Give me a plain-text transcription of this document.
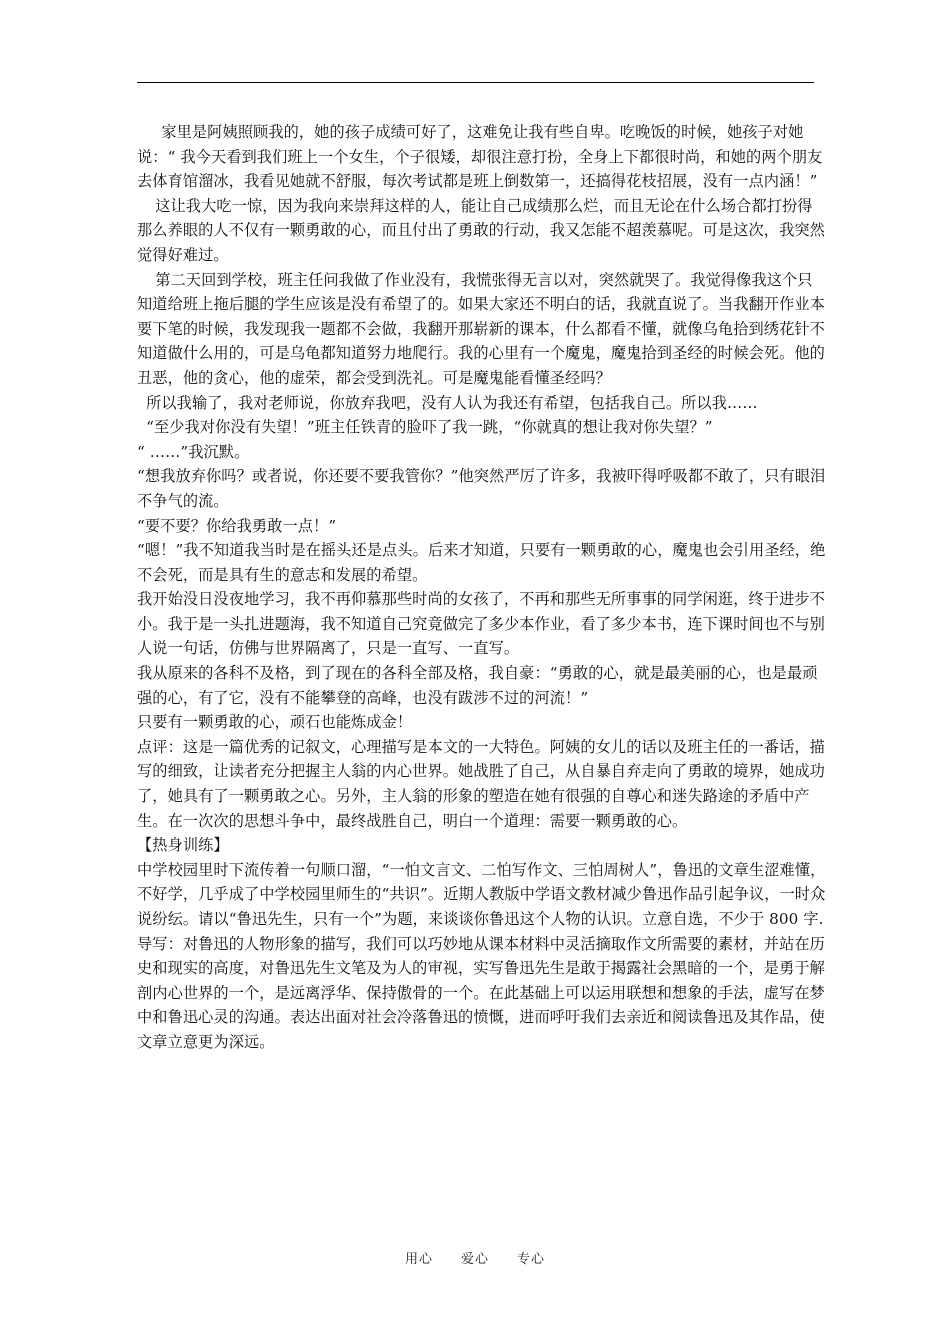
家里是阿姨照顾我的，她的孩子成绩可好了，这难免让我有些自卑。吃晚饭的时候，她孩子对她说：“ 我今天看到我们班上一个女生，个子很矮，却很注意打扮，全身上下都很时尚，和她的两个朋友去体育馆溜冰，我看见她就不舒服，每次考试都是班上倒数第一，还搞得花枝招展，没有一点内涵！”

这让我大吃一惊，因为我向来崇拜这样的人，能让自己成绩那么烂，而且无论在什么场合都打扮得那么养眼的人不仅有一颗勇敢的心，而且付出了勇敢的行动，我又怎能不超羡慕呢。可是这次，我突然觉得好难过。

第二天回到学校，班主任问我做了作业没有，我慌张得无言以对，突然就哭了。我觉得像我这个只知道给班上拖后腿的学生应该是没有希望了的。如果大家还不明白的话，我就直说了。当我翻开作业本要下笔的时候，我发现我一题都不会做，我翻开那崭新的课本，什么都看不懂，就像乌龟拾到绣花针不知道做什么用的，可是乌龟都知道努力地爬行。我的心里有一个魔鬼，魔鬼拾到圣经的时候会死。他的丑恶，他的贪心，他的虚荣，都会受到洗礼。可是魔鬼能看懂圣经吗？

所以我输了，我对老师说，你放弃我吧，没有人认为我还有希望，包括我自己。所以我……

“至少我对你没有失望！”班主任铁青的脸吓了我一跳，“你就真的想让我对你失望？”

“ ……”我沉默。

“想我放弃你吗？或者说，你还要不要我管你？”他突然严厉了许多，我被吓得呼吸都不敢了，只有眼泪不争气的流。

“要不要？你给我勇敢一点！”

“嗯！”我不知道我当时是在摇头还是点头。后来才知道，只要有一颗勇敢的心，魔鬼也会引用圣经，绝不会死，而是具有生的意志和发展的希望。

我开始没日没夜地学习，我不再仰慕那些时尚的女孩了，不再和那些无所事事的同学闲逛，终于进步不小。我于是一头扎进题海，我不知道自己究竟做完了多少本作业，看了多少本书，连下课时间也不与别人说一句话，仿佛与世界隔离了，只是一直写、一直写。

我从原来的各科不及格，到了现在的各科全部及格，我自豪：“勇敢的心，就是最美丽的心，也是最顽强的心，有了它，没有不能攀登的高峰，也没有跋涉不过的河流！”

只要有一颗勇敢的心，顽石也能炼成金！

点评：这是一篇优秀的记叙文，心理描写是本文的一大特色。阿姨的女儿的话以及班主任的一番话，描写的细致，让读者充分把握主人翁的内心世界。她战胜了自己，从自暴自弃走向了勇敢的境界，她成功了，她具有了一颗勇敢之心。另外，主人翁的形象的塑造在她有很强的自尊心和迷失路途的矛盾中产生。在一次次的思想斗争中，最终战胜自己，明白一个道理：需要一颗勇敢的心。

【热身训练】

中学校园里时下流传着一句顺口溜，“一怕文言文、二怕写作文、三怕周树人”，鲁迅的文章生涩难懂，不好学，几乎成了中学校园里师生的“共识”。近期人教版中学语文教材减少鲁迅作品引起争议，一时众说纷纭。请以“鲁迅先生，只有一个”为题，来谈谈你鲁迅这个人物的认识。立意自选，不少于 800 字.

导写：对鲁迅的人物形象的描写，我们可以巧妙地从课本材料中灵活摘取作文所需要的素材，并站在历史和现实的高度，对鲁迅先生文笔及为人的审视，实写鲁迅先生是敢于揭露社会黑暗的一个，是勇于解剖内心世界的一个，是远离浮华、保持傲骨的一个。在此基础上可以运用联想和想象的手法，虚写在梦中和鲁迅心灵的沟通。表达出面对社会冷落鲁迅的愤慨，进而呼吁我们去亲近和阅读鲁迅及其作品，使文章立意更为深远。

用心　　爱心　　专心
